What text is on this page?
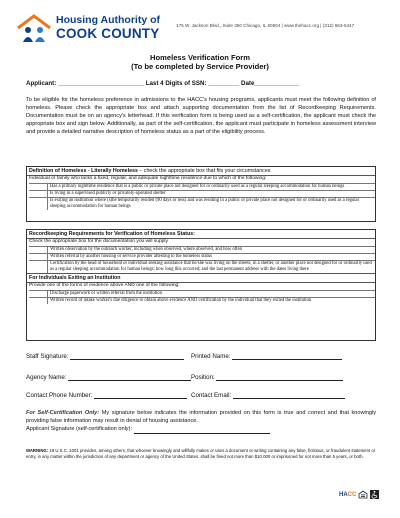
Housing Authority of
COOK COUNTY
175 W. Jackson Blvd., Suite 350 Chicago, IL 60604 | www.thehacc.org | (312) 663-5447
Homeless Verification Form
(To be completed by Service Provider)
Applicant: _________________________ Last 4 Digits of SSN: _________ Date_____________
To be eligible for the homeless preference in admissions to the HACC's housing programs, applicants must meet the following definition of homeless. Please check the appropriate box and attach supporting documentation from the list of Recordkeeping Requirements. Documentation must be on an agency's letterhead. If this verification form is being used as a self-certification, the applicant must check the appropriate box and sign below. Additionally, as part of the self-certification, the applicant must participate in homeless assessment interview and provide a detailed narrative description of homeless status as a part of the eligibility process.
Definition of Homeless - Literally Homeless – check the appropriate box that fits your circumstances
Individual or family who lacks a fixed, regular, and adequate nighttime residence due to which of the following:
Has a primary nighttime residence that is a public or private place not designed for or ordinarily used as a regular sleeping accommodation for human beings
Is living in a supervised publicly or privately-operated shelter
Is exiting an institution where (s)he temporarily resided (90 days or less) and was residing in a public or private place not designed for or ordinarily used as a regular sleeping accommodation for human beings
Recordkeeping Requirements for Verification of Homeless Status:
Check the appropriate box for the documentation you will supply
Written observation by the outreach worker, including when observed, where observed, and how often
Written referral by another housing or service provider attesting to the homeless status
Certification by the head of household or individual seeking assistance that he/she was living on the streets, in a shelter, or another place not designed for or ordinarily used as a regular sleeping accommodation for human beings; how long this occurred; and the last permanent address with the dates living there
For Individuals Exiting an Institution
Provide one of the forms of evidence above AND one of the following:
Discharge paperwork or written referral from the institution
Written record of intake worker's due diligence to obtain above evidence AND certification by the individual that they exited the institution
Staff Signature:	Printed Name:
Agency Name:	Position:
Contact Phone Number:	Contact Email:
For Self-Certification Only: My signature below indicates the information provided on this form is true and correct and that knowingly providing false information may result in denial of housing assistance.
Applicant Signature (self-certification only):
WARNING: 18 U.S.C. 1001 provides, among others, that whoever knowingly and willfully makes or uses a document or writing containing any false, fictitious, or fraudulent statement or entry, in any matter within the jurisdiction of any department or agency of the United States, shall be fined not more than $10,000 or imprisoned for not more than 5 years, or both.
HACC
